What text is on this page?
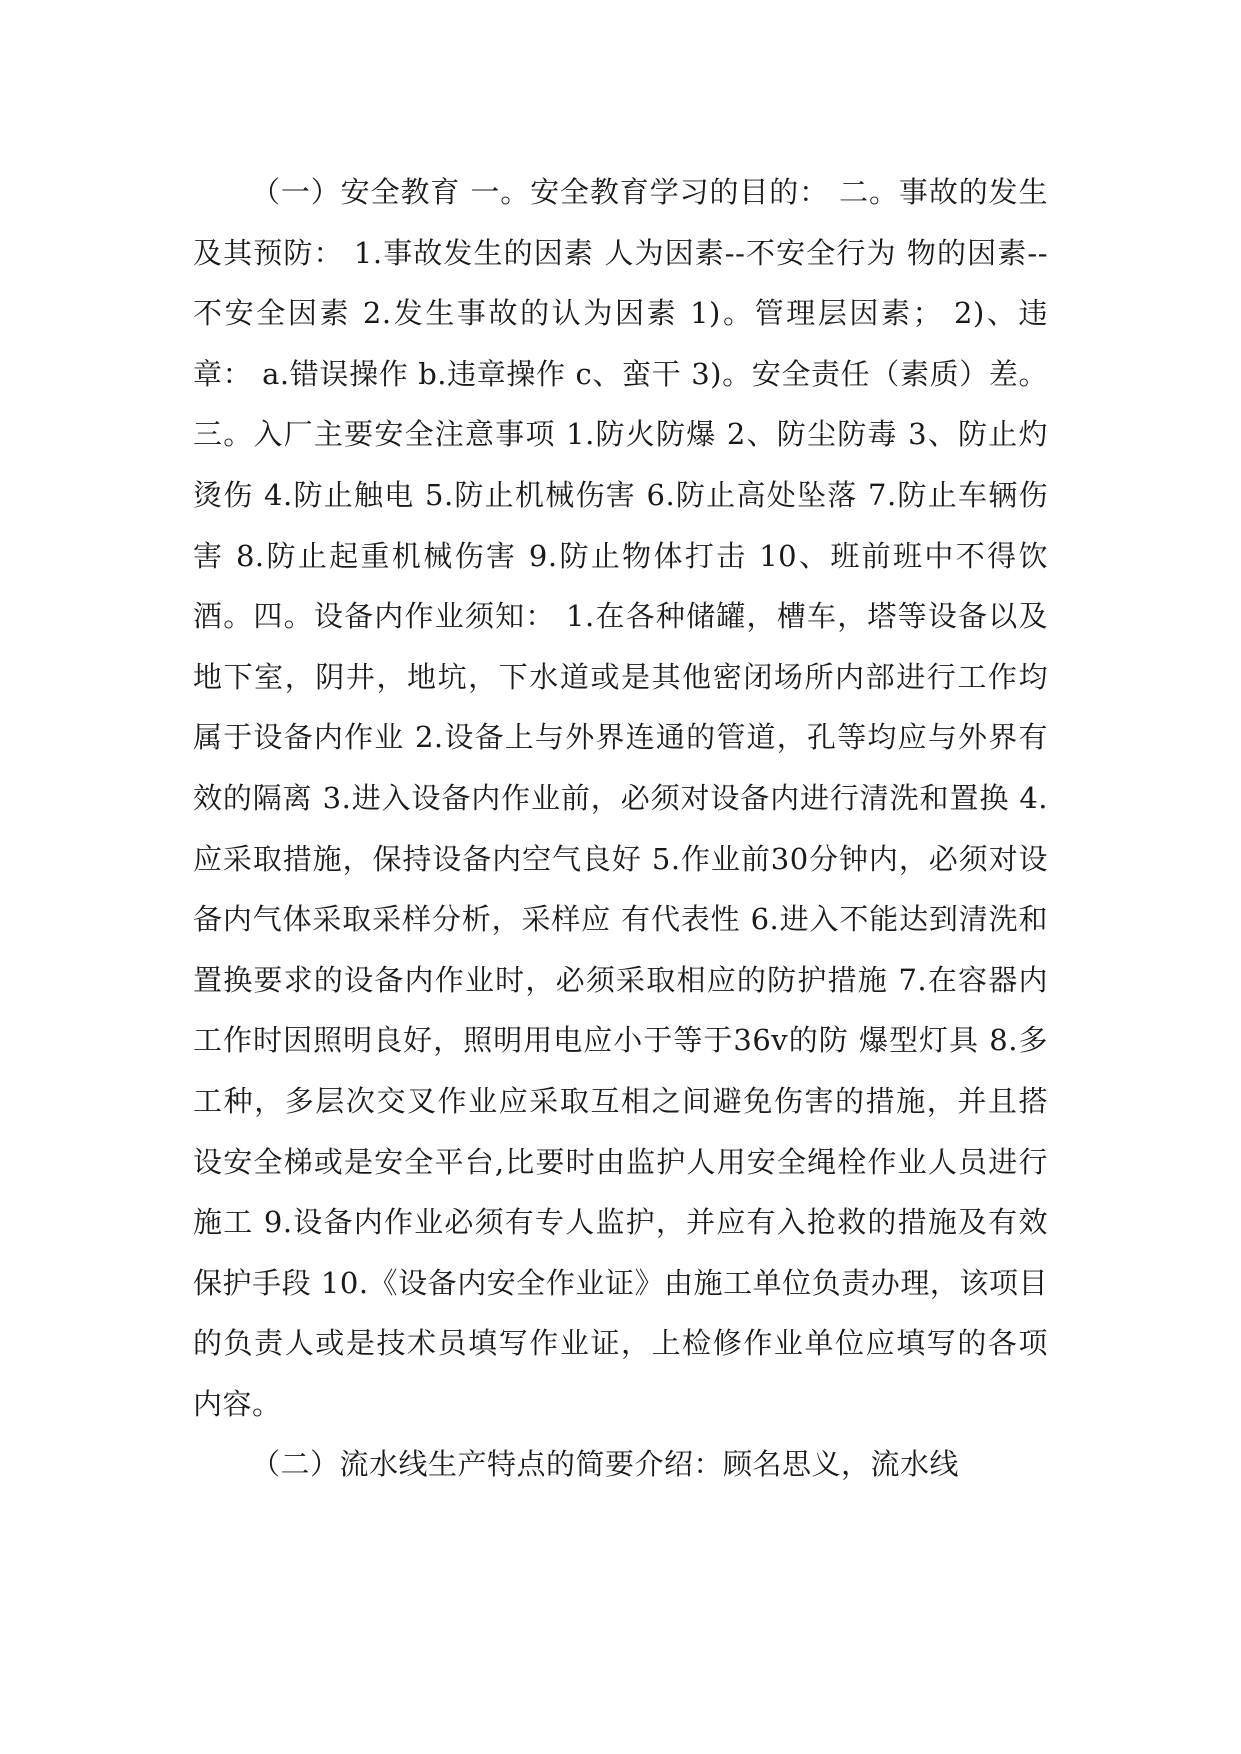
（一）安全教育 一。安全教育学习的目的： 二。事故的发生及其预防： 1.事故发生的因素 人为因素--不安全行为 物的因素--不安全因素 2.发生事故的认为因素 1)。管理层因素； 2)、违章： a.错误操作 b.违章操作 c、蛮干 3)。安全责任（素质）差。三。入厂主要安全注意事项 1.防火防爆 2、防尘防毒 3、防止灼烫伤 4.防止触电 5.防止机械伤害 6.防止高处坠落 7.防止车辆伤害 8.防止起重机械伤害 9.防止物体打击 10、班前班中不得饮酒。四。设备内作业须知： 1.在各种储罐，槽车，塔等设备以及地下室，阴井，地坑，下水道或是其他密闭场所内部进行工作均属于设备内作业 2.设备上与外界连通的管道，孔等均应与外界有效的隔离 3.进入设备内作业前，必须对设备内进行清洗和置换 4.应采取措施，保持设备内空气良好 5.作业前30分钟内，必须对设备内气体采取采样分析，采样应 有代表性 6.进入不能达到清洗和置换要求的设备内作业时，必须采取相应的防护措施 7.在容器内工作时因照明良好，照明用电应小于等于36v的防 爆型灯具 8.多工种，多层次交叉作业应采取互相之间避免伤害的措施，并且搭设安全梯或是安全平台,比要时由监护人用安全绳栓作业人员进行施工 9.设备内作业必须有专人监护，并应有入抢救的措施及有效保护手段 10.《设备内安全作业证》由施工单位负责办理，该项目的负责人或是技术员填写作业证，上检修作业单位应填写的各项内容。

（二）流水线生产特点的简要介绍：顾名思义，流水线
